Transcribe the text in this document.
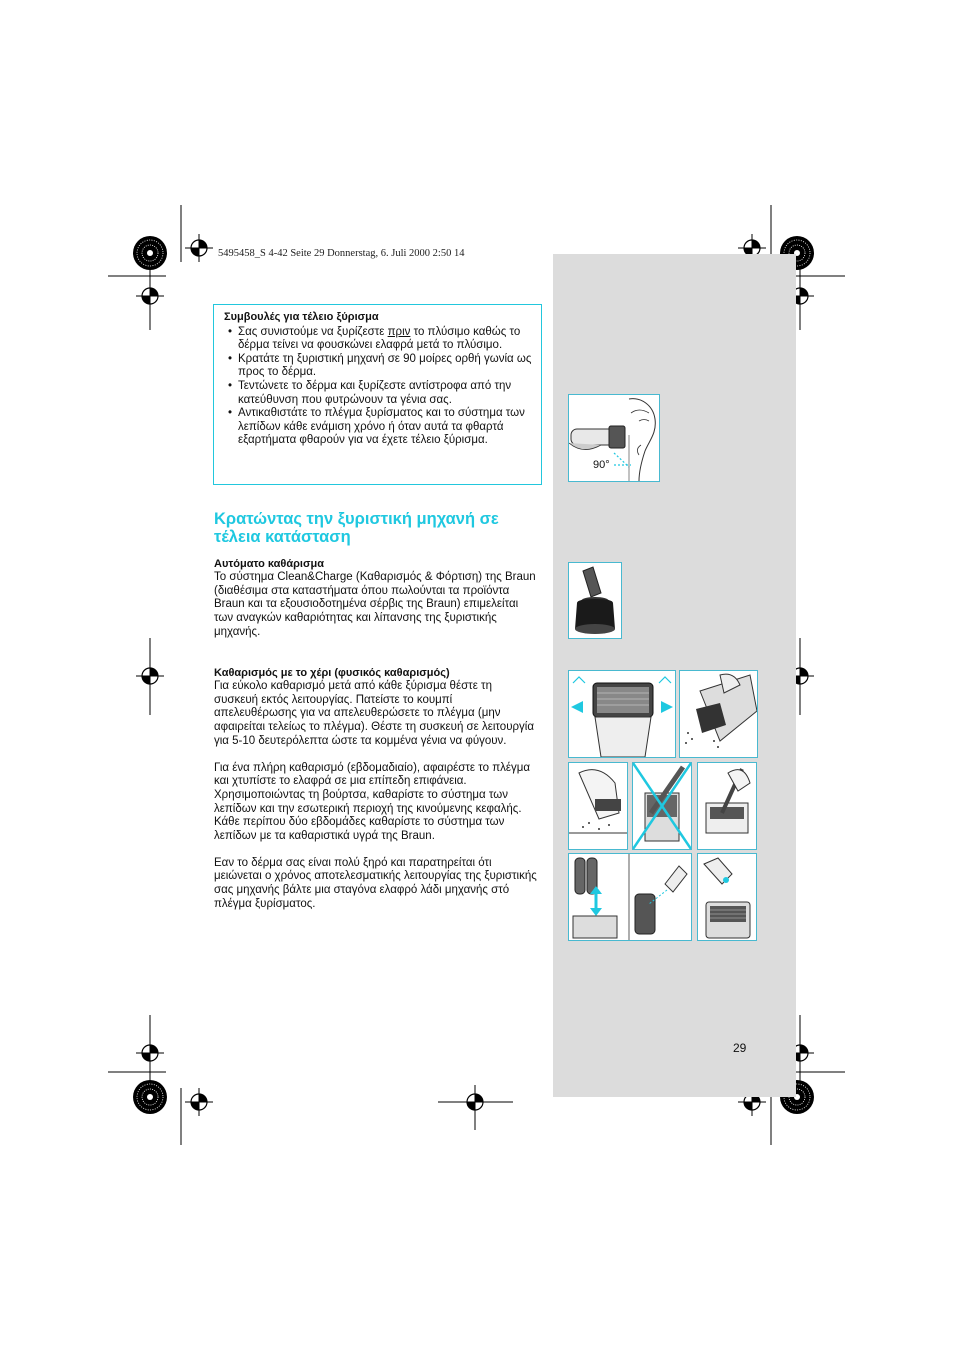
5495458_S 4-42 Seite 29 Donnerstag, 6. Juli 2000 2:50 14
Συμβουλές για τέλειο ξύρισμα
• Σας συνιστούμε να ξυρίζεστε πριν το πλύσιμο καθώς το δέρμα τείνει να φουσκώνει ελαφρά μετά το πλύσιμο.
• Κρατάτε τη ξυριστική μηχανή σε 90 μοίρες ορθή γωνία ως προς το δέρμα.
• Τεντώνετε το δέρμα και ξυρίζεστε αντίστροφα από την κατεύθυνση που φυτρώνουν τα γένια σας.
• Αντικαθιστάτε το πλέγμα ξυρίσματος και το σύστημα των λεπίδων κάθε ενάμιση χρόνο ή όταν αυτά τα φθαρτά εξαρτήματα φθαρούν για να έχετε τέλειο ξύρισμα.
Κρατώντας την ξυριστική μηχανή σε τέλεια κατάσταση
Αυτόματο καθάρισμα
Το σύστημα Clean&Charge (Καθαρισμός & Φόρτιση) της Braun (διαθέσιμα στα καταστήματα όπου πωλούνται τα προϊόντα Braun και τα εξουσιοδοτημένα σέρβις της Braun) επιμελείται των αναγκών καθαριότητας και λίπανσης της ξυριστικής μηχανής.
Καθαρισμός με το χέρι (φυσικός καθαρισμός)
Για εύκολο καθαρισμό μετά από κάθε ξύρισμα θέστε τη συσκευή εκτός λειτουργίας. Πατείστε το κουμπί απελευθέρωσης για να απελευθερώσετε το πλέγμα (μην αφαιρείται τελείως το πλέγμα). Θέστε τη συσκευή σε λειτουργία για 5-10 δευτερόλεπτα ώστε τα κομμένα γένια να φύγουν.
Για ένα πλήρη καθαρισμό (εβδομαδιαίο), αφαιρέστε το πλέγμα και χτυπίστε το ελαφρά σε μια επίπεδη επιφάνεια. Χρησιμοποιώντας τη βούρτσα, καθαρίστε το σύστημα των λεπίδων και την εσωτερική περιοχή της κινούμενης κεφαλής. Κάθε περίπου δύο εβδομάδες καθαρίστε το σύστημα των λεπίδων με τα καθαριστικά υγρά της Braun.
Εαν το δέρμα σας είναι πολύ ξηρό και παρατηρείται ότι μειώνεται ο χρόνος αποτελεσματικής λειτουργίας της ξυριστικής σας μηχανής βάλτε μια σταγόνα ελαφρό λάδι μηχανής στό πλέγμα ξυρίσματος.
90°
29
